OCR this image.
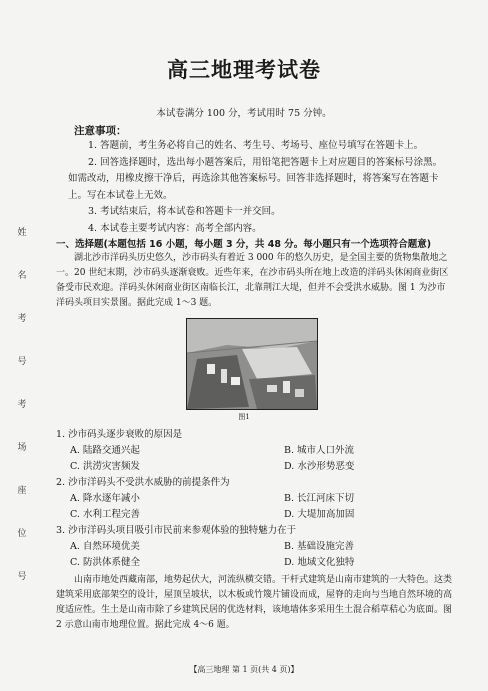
姓
名
考
号
考
场
座
位
号
高三地理考试卷
本试卷满分 100 分，考试用时 75 分钟。
注意事项：

1. 答题前，考生务必将自己的姓名、考生号、考场号、座位号填写在答题卡上。

2. 回答选择题时，选出每小题答案后，用铅笔把答题卡上对应题目的答案标号涂黑。如需改动，用橡皮擦干净后，再选涂其他答案标号。回答非选择题时，将答案写在答题卡上。写在本试卷上无效。

3. 考试结束后，将本试卷和答题卡一并交回。

4. 本试卷主要考试内容：高考全部内容。

一、选择题(本题包括 16 小题，每小题 3 分，共 48 分。每小题只有一个选项符合题意)

湖北沙市洋码头历史悠久，沙市码头有着近 3 000 年的悠久历史，是全国主要的货物集散地之一。20 世纪末期，沙市码头逐渐衰败。近些年来，在沙市码头所在地上改造的洋码头休闲商业街区备受市民欢迎。洋码头休闲商业街区南临长江，北靠荆江大堤，但并不会受洪水威胁。图 1 为沙市洋码头项目实景图。据此完成 1～3 题。

图1
1. 沙市码头逐步衰败的原因是
A. 陆路交通兴起	B. 城市人口外流
C. 洪涝灾害频发	D. 水沙形势恶变
2. 沙市洋码头不受洪水威胁的前提条件为
A. 降水逐年减小	B. 长江河床下切
C. 水利工程完善	D. 大堤加高加固
3. 沙市洋码头项目吸引市民前来参观体验的独特魅力在于
A. 自然环境优美	B. 基础设施完善
C. 防洪体系健全	D. 地域文化独特

山南市地处西藏南部，地势起伏大，河流纵横交错。干杆式建筑是山南市建筑的一大特色。这类建筑采用底部架空的设计，屋顶呈坡状，以木板或竹篾片铺设而成，屋脊的走向与当地自然环境的高度适应性。生土是山南市除了乡建筑民居的优选材料，该地墙体多采用生土混合稻草秸心为底面。图 2 示意山南市地理位置。据此完成 4～6 题。

【高三地理 第 1 页(共 4 页)】
